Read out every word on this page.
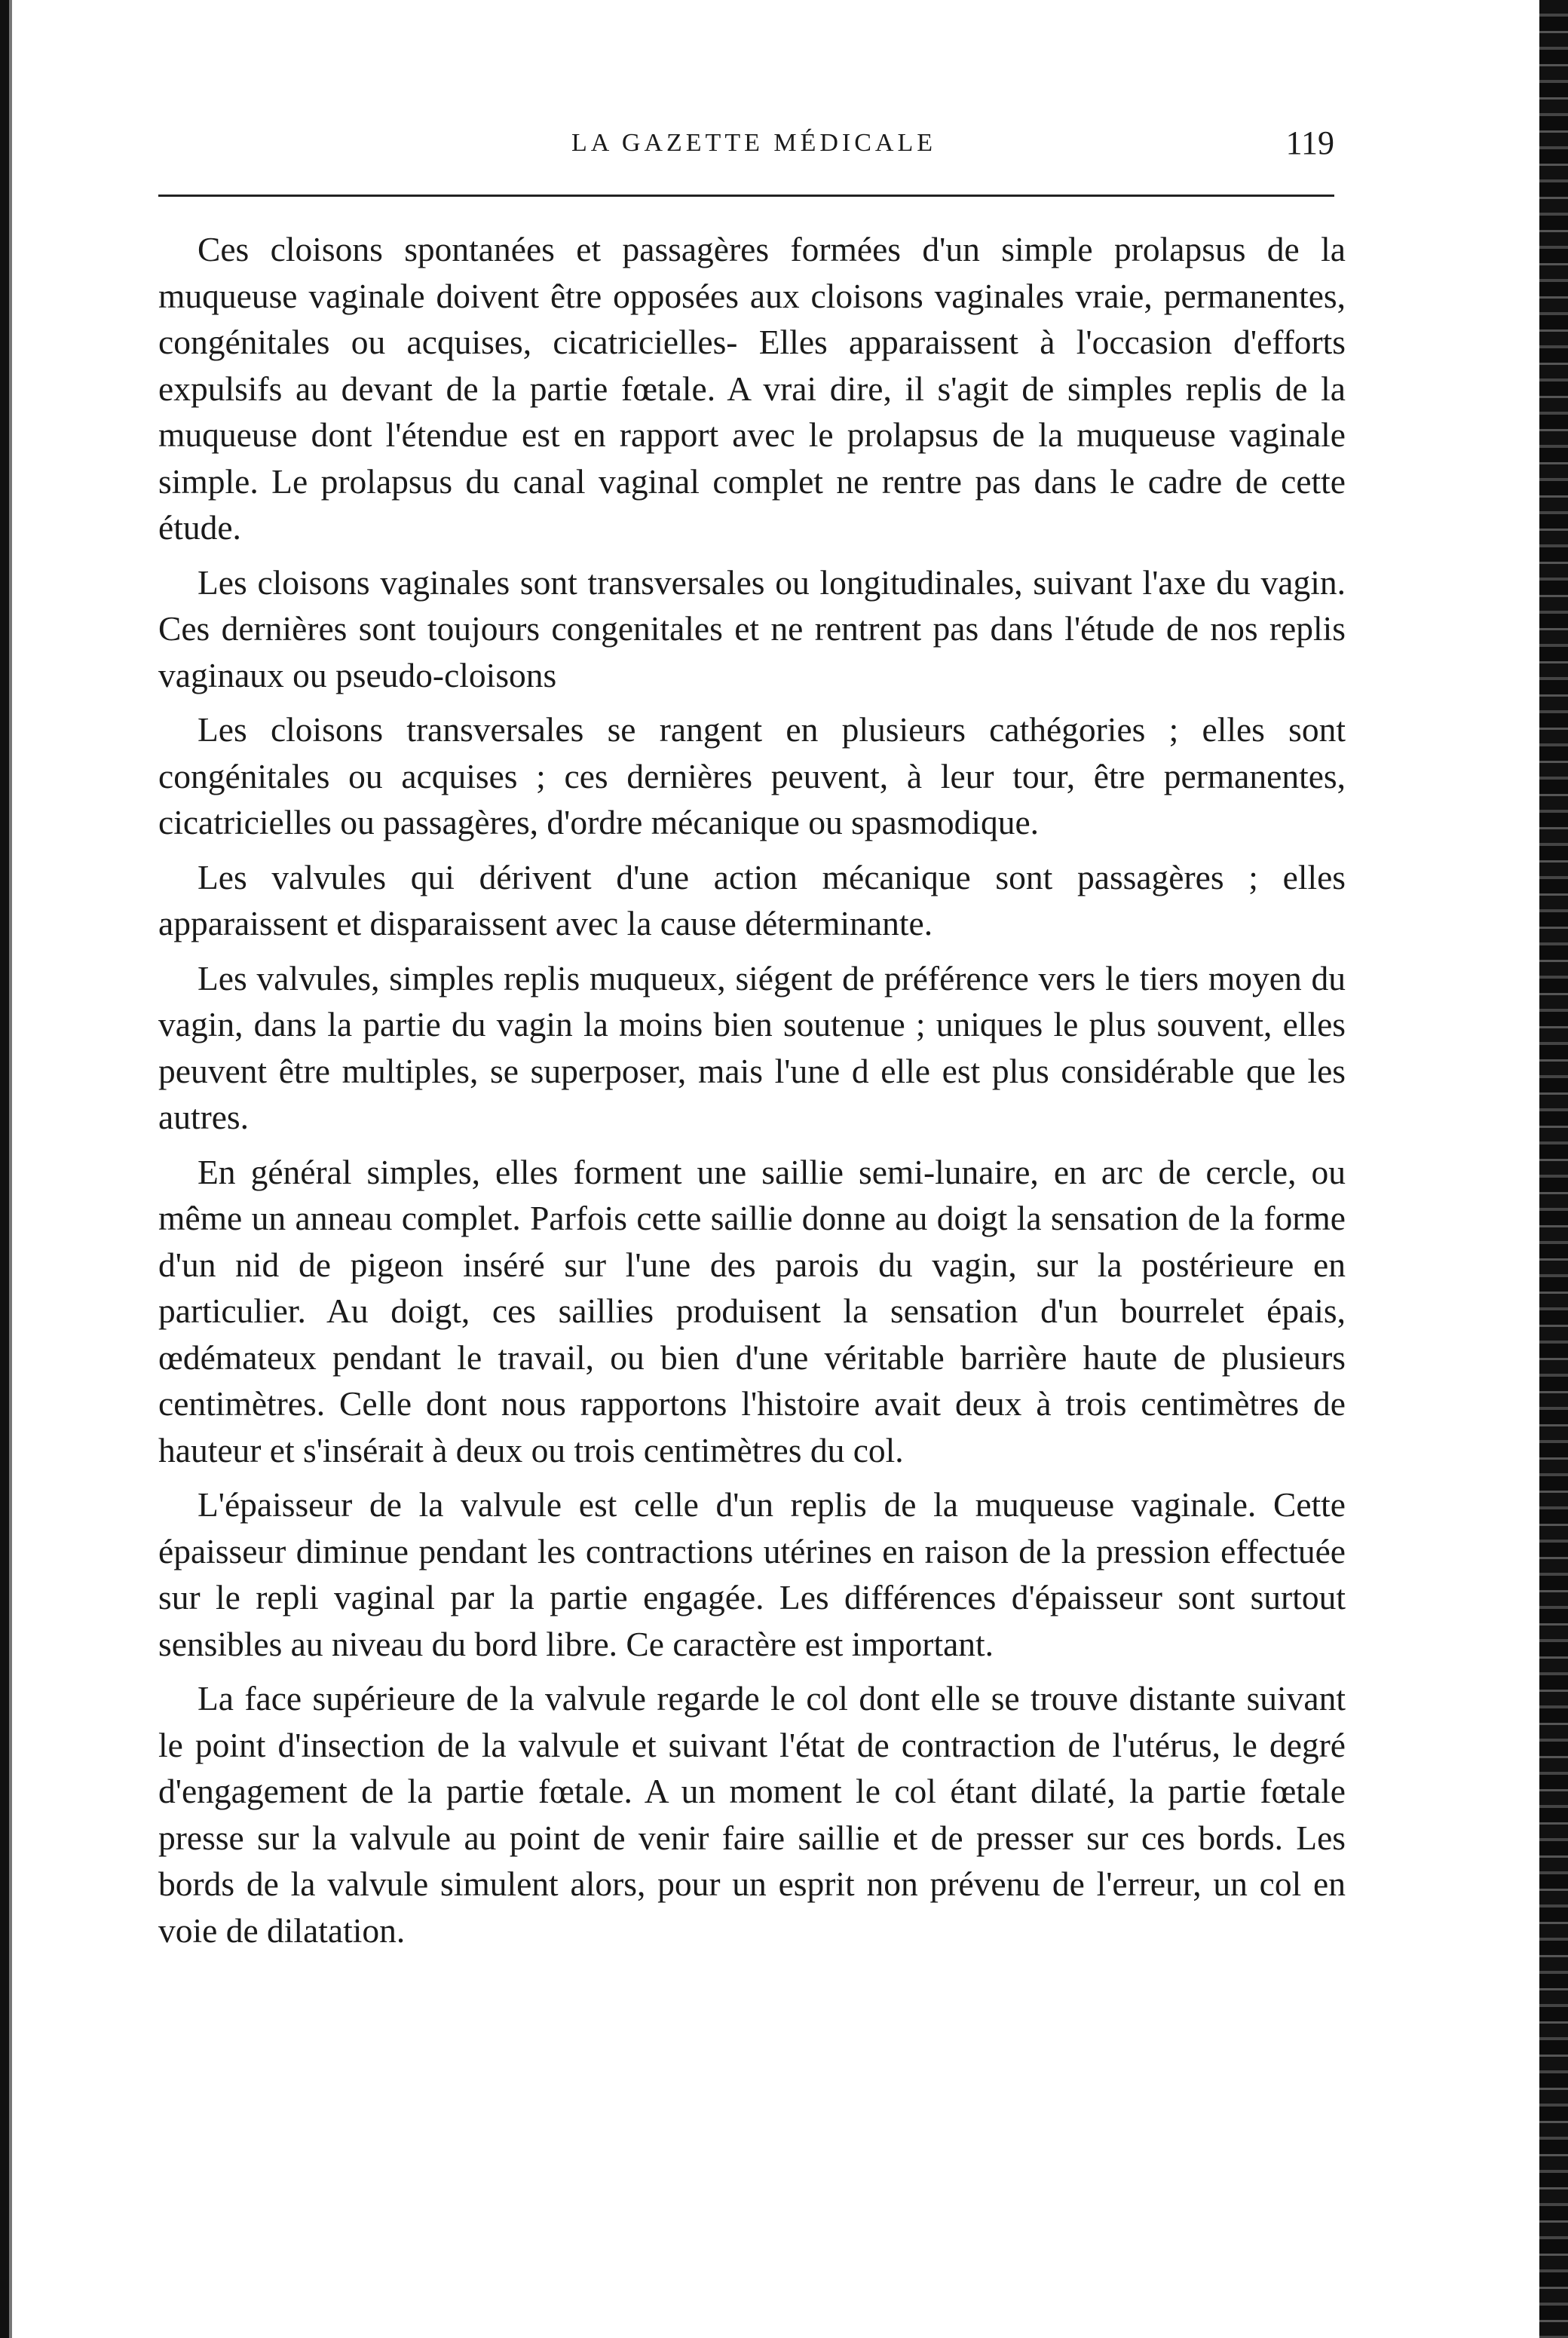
LA GAZETTE MÉDICALE	119

Ces cloisons spontanées et passagères formées d'un simple prolapsus de la muqueuse vaginale doivent être opposées aux cloisons vaginales vraie, permanentes, congénitales ou acquises, cicatricielles- Elles apparaissent à l'occasion d'efforts expulsifs au devant de la partie fœtale. A vrai dire, il s'agit de simples replis de la muqueuse dont l'étendue est en rapport avec le prolapsus de la muqueuse vaginale simple. Le prolapsus du canal vaginal complet ne rentre pas dans le cadre de cette étude.

Les cloisons vaginales sont transversales ou longitudinales, suivant l'axe du vagin. Ces dernières sont toujours congenitales et ne rentrent pas dans l'étude de nos replis vaginaux ou pseudo-cloisons

Les cloisons transversales se rangent en plusieurs cathégories ; elles sont congénitales ou acquises ; ces dernières peuvent, à leur tour, être permanentes, cicatricielles ou passagères, d'ordre mécanique ou spasmodique.

Les valvules qui dérivent d'une action mécanique sont passagères ; elles apparaissent et disparaissent avec la cause déterminante.

Les valvules, simples replis muqueux, siégent de préférence vers le tiers moyen du vagin, dans la partie du vagin la moins bien soutenue ; uniques le plus souvent, elles peuvent être multiples, se superposer, mais l'une d elle est plus considérable que les autres.

En général simples, elles forment une saillie semi-lunaire, en arc de cercle, ou même un anneau complet. Parfois cette saillie donne au doigt la sensation de la forme d'un nid de pigeon inséré sur l'une des parois du vagin, sur la postérieure en particulier. Au doigt, ces saillies produisent la sensation d'un bourrelet épais, œdémateux pendant le travail, ou bien d'une véritable barrière haute de plusieurs centimètres. Celle dont nous rapportons l'histoire avait deux à trois centimètres de hauteur et s'insérait à deux ou trois centimètres du col.

L'épaisseur de la valvule est celle d'un replis de la muqueuse vaginale. Cette épaisseur diminue pendant les contractions utérines en raison de la pression effectuée sur le repli vaginal par la partie engagée. Les différences d'épaisseur sont surtout sensibles au niveau du bord libre. Ce caractère est important.

La face supérieure de la valvule regarde le col dont elle se trouve distante suivant le point d'insection de la valvule et suivant l'état de contraction de l'utérus, le degré d'engagement de la partie fœtale. A un moment le col étant dilaté, la partie fœtale presse sur la valvule au point de venir faire saillie et de presser sur ces bords. Les bords de la valvule simulent alors, pour un esprit non prévenu de l'erreur, un col en voie de dilatation.
